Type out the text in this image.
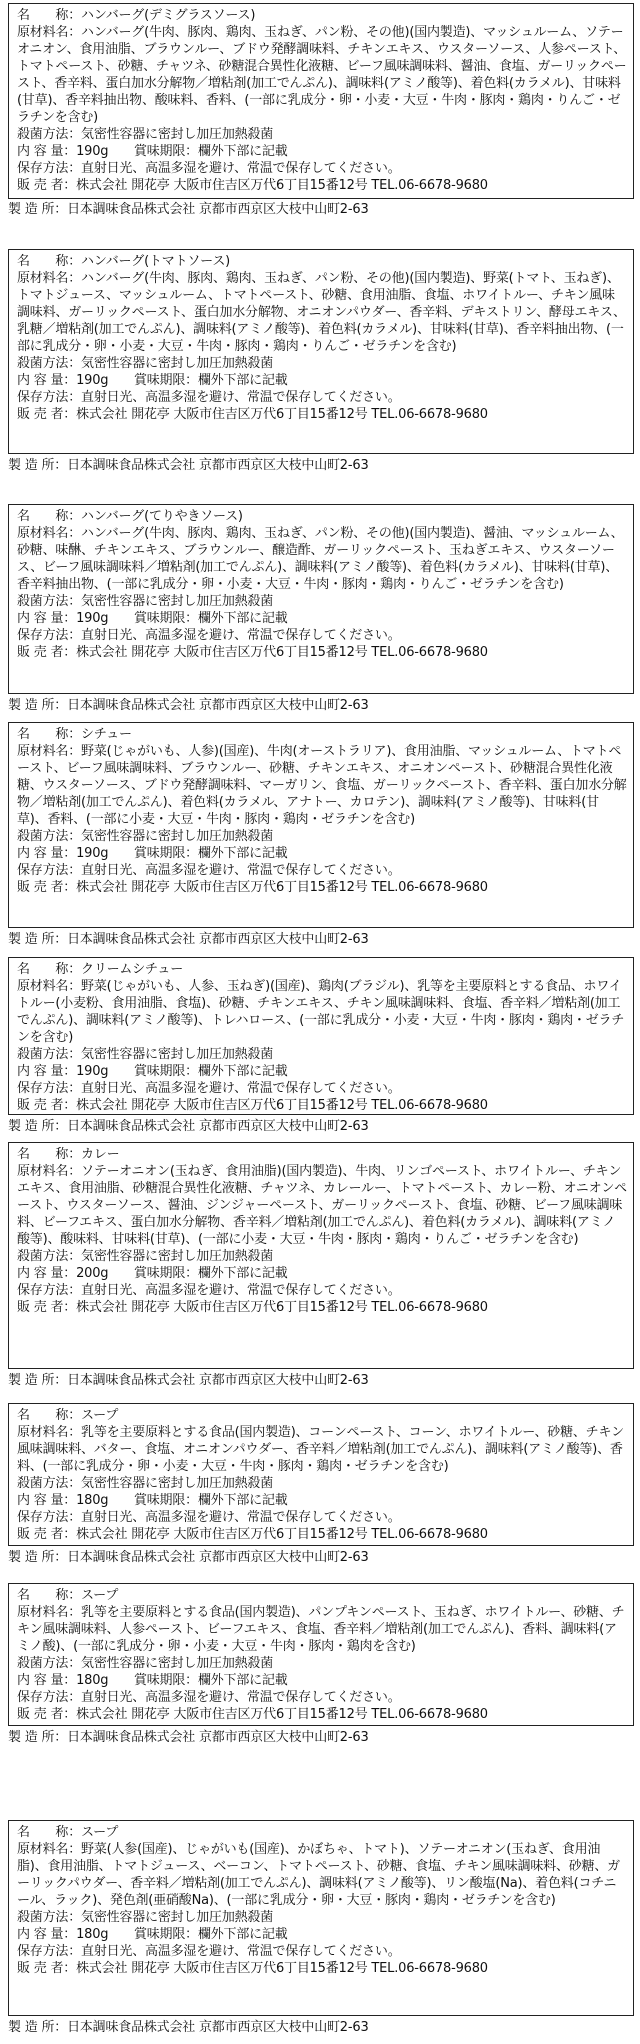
名　　称：ハンバーグ(デミグラスソース)
原材料名：ハンバーグ(牛肉、豚肉、鶏肉、玉ねぎ、パン粉、その他)(国内製造)、マッシュルーム、ソテーオニオン、食用油脂、ブラウンルー、ブドウ発酵調味料、チキンエキス、ウスターソース、人参ペースト、トマトペースト、砂糖、チャツネ、砂糖混合異性化液糖、ビーフ風味調味料、醤油、食塩、ガーリックペースト、香辛料、蛋白加水分解物／増粘剤(加工でんぷん)、調味料(アミノ酸等)、着色料(カラメル)、甘味料(甘草)、香辛料抽出物、酸味料、香料、(一部に乳成分・卵・小麦・大豆・牛肉・豚肉・鶏肉・りんご・ゼラチンを含む)
殺菌方法：気密性容器に密封し加圧加熱殺菌
内 容 量：190g　　 賞味期限：欄外下部に記載
保存方法：直射日光、高温多湿を避け、常温で保存してください。
販 売 者：株式会社 開花亭 大阪市住吉区万代6丁目15番12号 TEL.06-6678-9680
製 造 所：日本調味食品株式会社 京都市西京区大枝中山町2-63
名　　称：ハンバーグ(トマトソース)
原材料名：ハンバーグ(牛肉、豚肉、鶏肉、玉ねぎ、パン粉、その他)(国内製造)、野菜(トマト、玉ねぎ)、トマトジュース、マッシュルーム、トマトペースト、砂糖、食用油脂、食塩、ホワイトルー、チキン風味調味料、ガーリックペースト、蛋白加水分解物、オニオンパウダー、香辛料、デキストリン、酵母エキス、乳糖／増粘剤(加工でんぷん)、調味料(アミノ酸等)、着色料(カラメル)、甘味料(甘草)、香辛料抽出物、(一部に乳成分・卵・小麦・大豆・牛肉・豚肉・鶏肉・りんご・ゼラチンを含む)
殺菌方法：気密性容器に密封し加圧加熱殺菌
内 容 量：190g　　 賞味期限：欄外下部に記載
保存方法：直射日光、高温多湿を避け、常温で保存してください。
販 売 者：株式会社 開花亭 大阪市住吉区万代6丁目15番12号 TEL.06-6678-9680
製 造 所：日本調味食品株式会社 京都市西京区大枝中山町2-63
名　　称：ハンバーグ(てりやきソース)
原材料名：ハンバーグ(牛肉、豚肉、鶏肉、玉ねぎ、パン粉、その他)(国内製造)、醤油、マッシュルーム、砂糖、味醂、チキンエキス、ブラウンルー、醸造酢、ガーリックペースト、玉ねぎエキス、ウスターソース、ビーフ風味調味料／増粘剤(加工でんぷん)、調味料(アミノ酸等)、着色料(カラメル)、甘味料(甘草)、香辛料抽出物、(一部に乳成分・卵・小麦・大豆・牛肉・豚肉・鶏肉・りんご・ゼラチンを含む)
殺菌方法：気密性容器に密封し加圧加熱殺菌
内 容 量：190g　　 賞味期限：欄外下部に記載
保存方法：直射日光、高温多湿を避け、常温で保存してください。
販 売 者：株式会社 開花亭 大阪市住吉区万代6丁目15番12号 TEL.06-6678-9680
製 造 所：日本調味食品株式会社 京都市西京区大枝中山町2-63
名　　称：シチュー
原材料名：野菜(じゃがいも、人参)(国産)、牛肉(オーストラリア)、食用油脂、マッシュルーム、トマトペースト、ビーフ風味調味料、ブラウンルー、砂糖、チキンエキス、オニオンペースト、砂糖混合異性化液糖、ウスターソース、ブドウ発酵調味料、マーガリン、食塩、ガーリックペースト、香辛料、蛋白加水分解物／増粘剤(加工でんぷん)、着色料(カラメル、アナトー、カロテン)、調味料(アミノ酸等)、甘味料(甘草)、香料、(一部に小麦・大豆・牛肉・豚肉・鶏肉・ゼラチンを含む)
殺菌方法：気密性容器に密封し加圧加熱殺菌
内 容 量：190g　　 賞味期限：欄外下部に記載
保存方法：直射日光、高温多湿を避け、常温で保存してください。
販 売 者：株式会社 開花亭 大阪市住吉区万代6丁目15番12号 TEL.06-6678-9680
製 造 所：日本調味食品株式会社 京都市西京区大枝中山町2-63
名　　称：クリームシチュー
原材料名：野菜(じゃがいも、人参、玉ねぎ)(国産)、鶏肉(ブラジル)、乳等を主要原料とする食品、ホワイトルー(小麦粉、食用油脂、食塩)、砂糖、チキンエキス、チキン風味調味料、食塩、香辛料／増粘剤(加工でんぷん)、調味料(アミノ酸等)、トレハロース、(一部に乳成分・小麦・大豆・牛肉・豚肉・鶏肉・ゼラチンを含む)
殺菌方法：気密性容器に密封し加圧加熱殺菌
内 容 量：190g　　 賞味期限：欄外下部に記載
保存方法：直射日光、高温多湿を避け、常温で保存してください。
販 売 者：株式会社 開花亭 大阪市住吉区万代6丁目15番12号 TEL.06-6678-9680
製 造 所：日本調味食品株式会社 京都市西京区大枝中山町2-63
名　　称：カレー
原材料名：ソテーオニオン(玉ねぎ、食用油脂)(国内製造)、牛肉、リンゴペースト、ホワイトルー、チキンエキス、食用油脂、砂糖混合異性化液糖、チャツネ、カレールー、トマトペースト、カレー粉、オニオンペースト、ウスターソース、醤油、ジンジャーペースト、ガーリックペースト、食塩、砂糖、ビーフ風味調味料、ビーフエキス、蛋白加水分解物、香辛料／増粘剤(加工でんぷん)、着色料(カラメル)、調味料(アミノ酸等)、酸味料、甘味料(甘草)、(一部に小麦・大豆・牛肉・豚肉・鶏肉・りんご・ゼラチンを含む)
殺菌方法：気密性容器に密封し加圧加熱殺菌
内 容 量：200g　　 賞味期限：欄外下部に記載
保存方法：直射日光、高温多湿を避け、常温で保存してください。
販 売 者：株式会社 開花亭 大阪市住吉区万代6丁目15番12号 TEL.06-6678-9680
製 造 所：日本調味食品株式会社 京都市西京区大枝中山町2-63
名　　称：スープ
原材料名：乳等を主要原料とする食品(国内製造)、コーンペースト、コーン、ホワイトルー、砂糖、チキン風味調味料、バター、食塩、オニオンパウダー、香辛料／増粘剤(加工でんぷん)、調味料(アミノ酸等)、香料、(一部に乳成分・卵・小麦・大豆・牛肉・豚肉・鶏肉・ゼラチンを含む)
殺菌方法：気密性容器に密封し加圧加熱殺菌
内 容 量：180g　　 賞味期限：欄外下部に記載
保存方法：直射日光、高温多湿を避け、常温で保存してください。
販 売 者：株式会社 開花亭 大阪市住吉区万代6丁目15番12号 TEL.06-6678-9680
製 造 所：日本調味食品株式会社 京都市西京区大枝中山町2-63
名　　称：スープ
原材料名：乳等を主要原料とする食品(国内製造)、パンプキンペースト、玉ねぎ、ホワイトルー、砂糖、チキン風味調味料、人参ペースト、ビーフエキス、食塩、香辛料／増粘剤(加工でんぷん)、香料、調味料(アミノ酸)、(一部に乳成分・卵・小麦・大豆・牛肉・豚肉・鶏肉を含む)
殺菌方法：気密性容器に密封し加圧加熱殺菌
内 容 量：180g　　 賞味期限：欄外下部に記載
保存方法：直射日光、高温多湿を避け、常温で保存してください。
販 売 者：株式会社 開花亭 大阪市住吉区万代6丁目15番12号 TEL.06-6678-9680
製 造 所：日本調味食品株式会社 京都市西京区大枝中山町2-63
名　　称：スープ
原材料名：野菜(人参(国産)、じゃがいも(国産)、かぼちゃ、トマト)、ソテーオニオン(玉ねぎ、食用油脂)、食用油脂、トマトジュース、ベーコン、トマトペースト、砂糖、食塩、チキン風味調味料、砂糖、ガーリックパウダー、香辛料／増粘剤(加工でんぷん)、調味料(アミノ酸等)、リン酸塩(Na)、着色料(コチニール、ラック)、発色剤(亜硝酸Na)、(一部に乳成分・卵・大豆・豚肉・鶏肉・ゼラチンを含む)
殺菌方法：気密性容器に密封し加圧加熱殺菌
内 容 量：180g　　 賞味期限：欄外下部に記載
保存方法：直射日光、高温多湿を避け、常温で保存してください。
販 売 者：株式会社 開花亭 大阪市住吉区万代6丁目15番12号 TEL.06-6678-9680
製 造 所：日本調味食品株式会社 京都市西京区大枝中山町2-63
